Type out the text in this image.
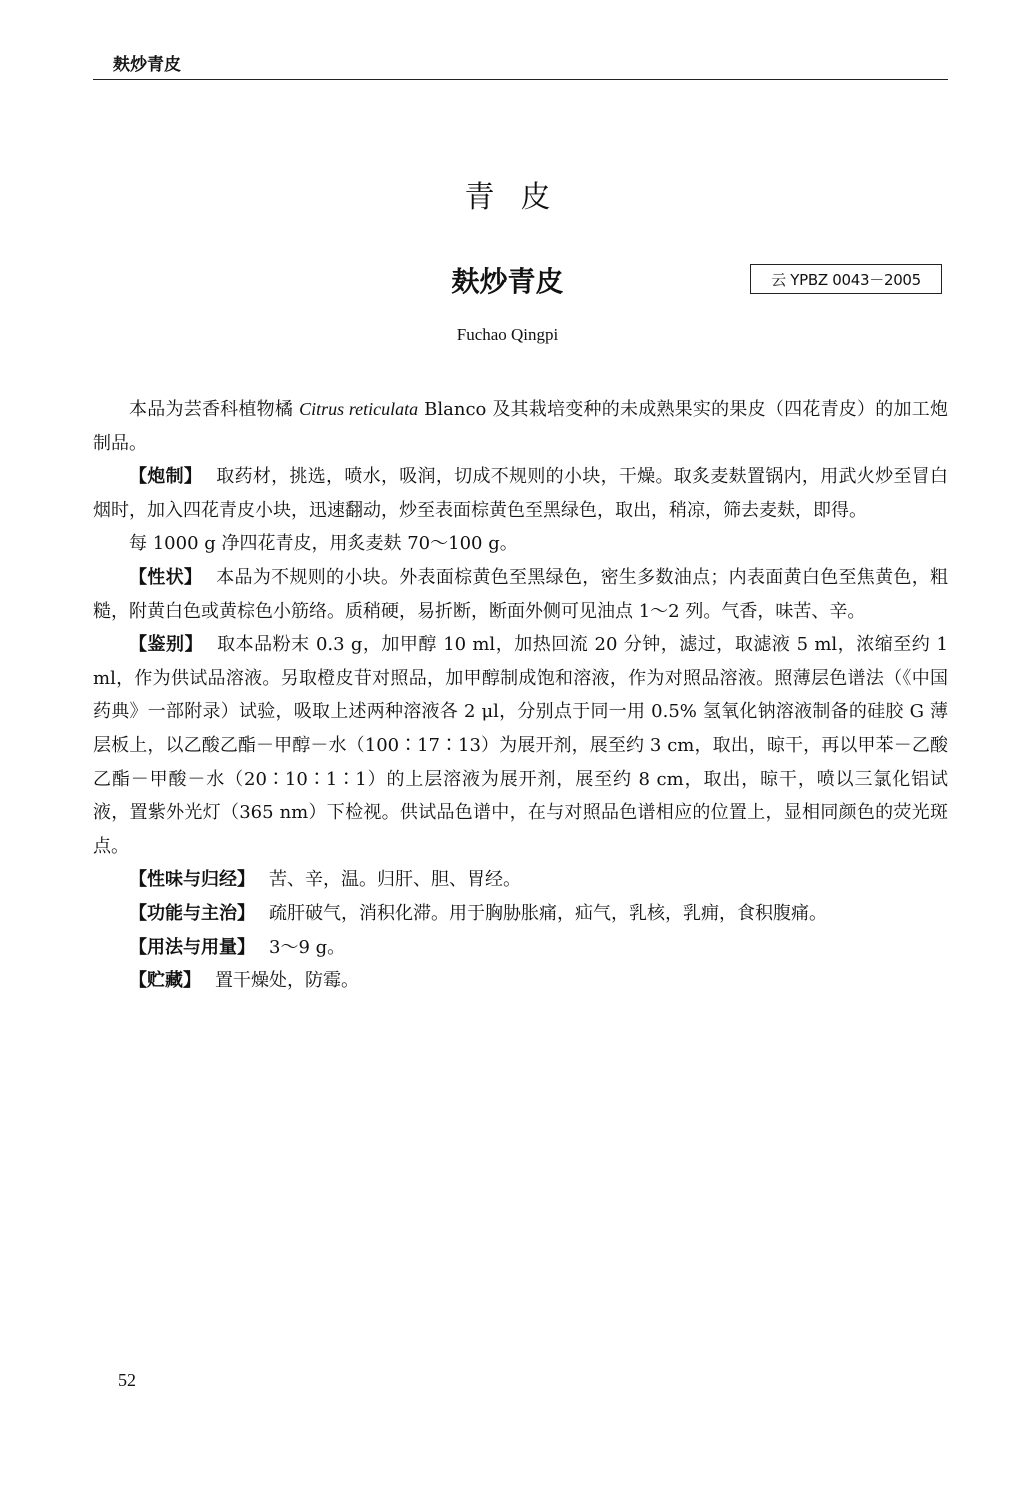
麸炒青皮
青皮
麸炒青皮	云 YPBZ 0043－2005
Fuchao Qingpi

本品为芸香科植物橘 Citrus reticulata Blanco 及其栽培变种的未成熟果实的果皮（四花青皮）的加工炮制品。

【炮制】 取药材，挑选，喷水，吸润，切成不规则的小块，干燥。取炙麦麸置锅内，用武火炒至冒白烟时，加入四花青皮小块，迅速翻动，炒至表面棕黄色至黑绿色，取出，稍凉，筛去麦麸，即得。

每 1000 g 净四花青皮，用炙麦麸 70～100 g。

【性状】 本品为不规则的小块。外表面棕黄色至黑绿色，密生多数油点；内表面黄白色至焦黄色，粗糙，附黄白色或黄棕色小筋络。质稍硬，易折断，断面外侧可见油点 1～2 列。气香，味苦、辛。

【鉴别】 取本品粉末 0.3 g，加甲醇 10 ml，加热回流 20 分钟，滤过，取滤液 5 ml，浓缩至约 1 ml，作为供试品溶液。另取橙皮苷对照品，加甲醇制成饱和溶液，作为对照品溶液。照薄层色谱法（《中国药典》一部附录）试验，吸取上述两种溶液各 2 μl，分别点于同一用 0.5% 氢氧化钠溶液制备的硅胶 G 薄层板上，以乙酸乙酯－甲醇－水（100∶17∶13）为展开剂，展至约 3 cm，取出，晾干，再以甲苯－乙酸乙酯－甲酸－水（20∶10∶1∶1）的上层溶液为展开剂，展至约 8 cm，取出，晾干，喷以三氯化铝试液，置紫外光灯（365 nm）下检视。供试品色谱中，在与对照品色谱相应的位置上，显相同颜色的荧光斑点。

【性味与归经】 苦、辛，温。归肝、胆、胃经。

【功能与主治】 疏肝破气，消积化滞。用于胸胁胀痛，疝气，乳核，乳痈，食积腹痛。

【用法与用量】 3～9 g。

【贮藏】 置干燥处，防霉。

52
